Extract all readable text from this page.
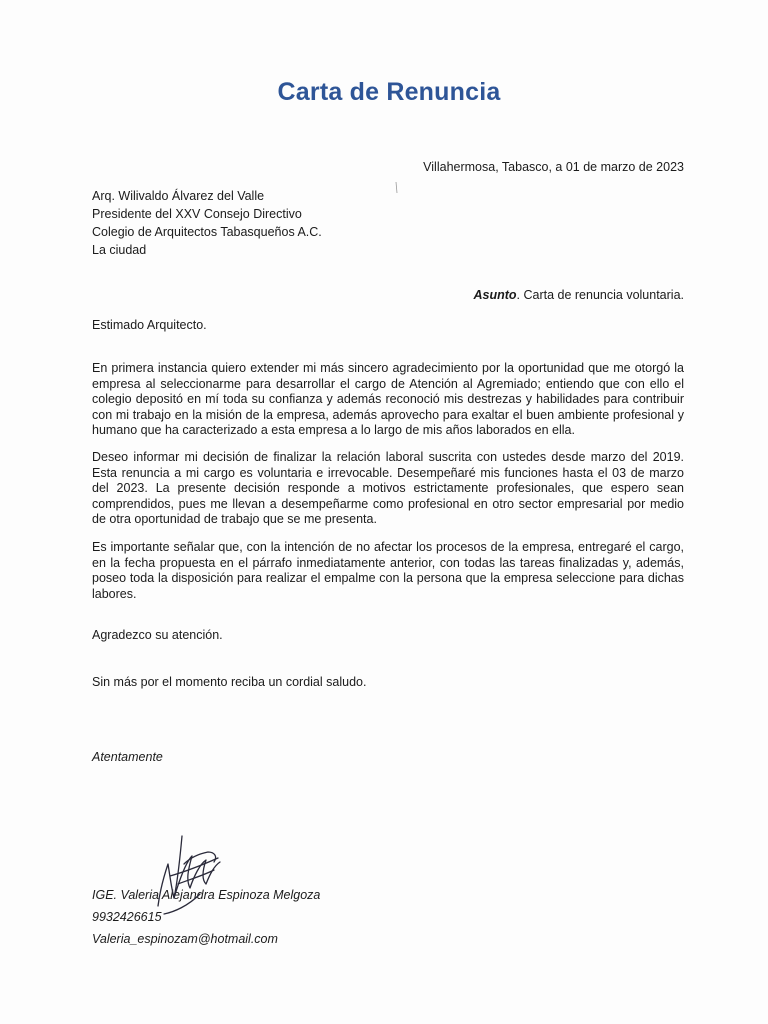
Carta de Renuncia
Villahermosa, Tabasco, a 01 de marzo de 2023
Arq. Wilivaldo Álvarez del Valle
Presidente del XXV Consejo Directivo
Colegio de Arquitectos Tabasqueños A.C.
La ciudad
Asunto. Carta de renuncia voluntaria.
Estimado Arquitecto.
En primera instancia quiero extender mi más sincero agradecimiento por la oportunidad que me otorgó la empresa al seleccionarme para desarrollar el cargo de Atención al Agremiado; entiendo que con ello el colegio depositó en mí toda su confianza y además reconoció mis destrezas y habilidades para contribuir con mi trabajo en la misión de la empresa, además aprovecho para exaltar el buen ambiente profesional y humano que ha caracterizado a esta empresa a lo largo de mis años laborados en ella.
Deseo informar mi decisión de finalizar la relación laboral suscrita con ustedes desde marzo del 2019. Esta renuncia a mi cargo es voluntaria e irrevocable. Desempeñaré mis funciones hasta el 03 de marzo del 2023. La presente decisión responde a motivos estrictamente profesionales, que espero sean comprendidos, pues me llevan a desempeñarme como profesional en otro sector empresarial por medio de otra oportunidad de trabajo que se me presenta.
Es importante señalar que, con la intención de no afectar los procesos de la empresa, entregaré el cargo, en la fecha propuesta en el párrafo inmediatamente anterior, con todas las tareas finalizadas y, además, poseo toda la disposición para realizar el empalme con la persona que la empresa seleccione para dichas labores.
Agradezco su atención.
Sin más por el momento reciba un cordial saludo.
Atentamente
IGE. Valeria Alejandra Espinoza Melgoza
9932426615
Valeria_espinozam@hotmail.com
